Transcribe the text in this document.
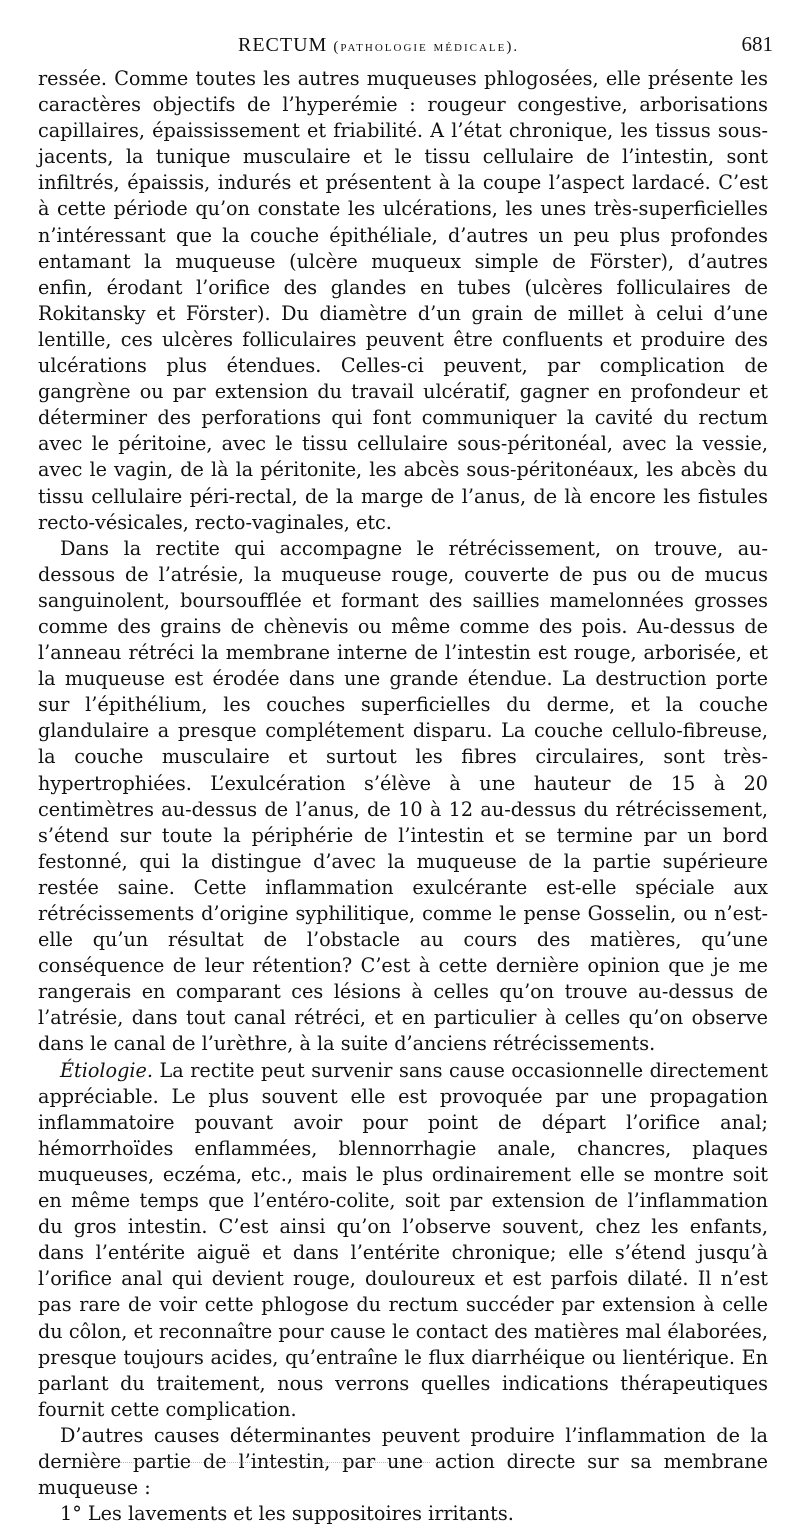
RECTUM (pathologie médicale).	681

ressée. Comme toutes les autres muqueuses phlogosées, elle présente les caractères objectifs de l’hyperémie : rougeur congestive, arborisations capillaires, épaississement et friabilité. A l’état chronique, les tissus sous-jacents, la tunique musculaire et le tissu cellulaire de l’intestin, sont infiltrés, épaissis, indurés et présentent à la coupe l’aspect lardacé. C’est à cette période qu’on constate les ulcérations, les unes très-superficielles n’intéressant que la couche épithéliale, d’autres un peu plus profondes entamant la muqueuse (ulcère muqueux simple de Förster), d’autres enfin, érodant l’orifice des glandes en tubes (ulcères folliculaires de Rokitansky et Förster). Du diamètre d’un grain de millet à celui d’une lentille, ces ulcères folliculaires peuvent être confluents et produire des ulcérations plus étendues. Celles-ci peuvent, par complication de gangrène ou par extension du travail ulcératif, gagner en profondeur et déterminer des perforations qui font communiquer la cavité du rectum avec le péritoine, avec le tissu cellulaire sous-péritonéal, avec la vessie, avec le vagin, de là la péritonite, les abcès sous-péritonéaux, les abcès du tissu cellulaire péri-rectal, de la marge de l’anus, de là encore les fistules recto-vésicales, recto-vaginales, etc.

Dans la rectite qui accompagne le rétrécissement, on trouve, au-dessous de l’atrésie, la muqueuse rouge, couverte de pus ou de mucus sanguinolent, boursoufflée et formant des saillies mamelonnées grosses comme des grains de chènevis ou même comme des pois. Au-dessus de l’anneau rétréci la membrane interne de l’intestin est rouge, arborisée, et la muqueuse est érodée dans une grande étendue. La destruction porte sur l’épithélium, les couches superficielles du derme, et la couche glandulaire a presque complétement disparu. La couche cellulo-fibreuse, la couche musculaire et surtout les fibres circulaires, sont très-hypertrophiées. L’exulcération s’élève à une hauteur de 15 à 20 centimètres au-dessus de l’anus, de 10 à 12 au-dessus du rétrécissement, s’étend sur toute la périphérie de l’intestin et se termine par un bord festonné, qui la distingue d’avec la muqueuse de la partie supérieure restée saine. Cette inflammation exulcérante est-elle spéciale aux rétrécissements d’origine syphilitique, comme le pense Gosselin, ou n’est-elle qu’un résultat de l’obstacle au cours des matières, qu’une conséquence de leur rétention? C’est à cette dernière opinion que je me rangerais en comparant ces lésions à celles qu’on trouve au-dessus de l’atrésie, dans tout canal rétréci, et en particulier à celles qu’on observe dans le canal de l’urèthre, à la suite d’anciens rétrécissements.

Étiologie. La rectite peut survenir sans cause occasionnelle directement appréciable. Le plus souvent elle est provoquée par une propagation inflammatoire pouvant avoir pour point de départ l’orifice anal; hémorrhoïdes enflammées, blennorrhagie anale, chancres, plaques muqueuses, eczéma, etc., mais le plus ordinairement elle se montre soit en même temps que l’entéro-colite, soit par extension de l’inflammation du gros intestin. C’est ainsi qu’on l’observe souvent, chez les enfants, dans l’entérite aiguë et dans l’entérite chronique; elle s’étend jusqu’à l’orifice anal qui devient rouge, douloureux et est parfois dilaté. Il n’est pas rare de voir cette phlogose du rectum succéder par extension à celle du côlon, et reconnaître pour cause le contact des matières mal élaborées, presque toujours acides, qu’entraîne le flux diarrhéique ou lientérique. En parlant du traitement, nous verrons quelles indications thérapeutiques fournit cette complication.

D’autres causes déterminantes peuvent produire l’inflammation de la dernière partie de l’intestin, par une action directe sur sa membrane muqueuse :

1° Les lavements et les suppositoires irritants.
